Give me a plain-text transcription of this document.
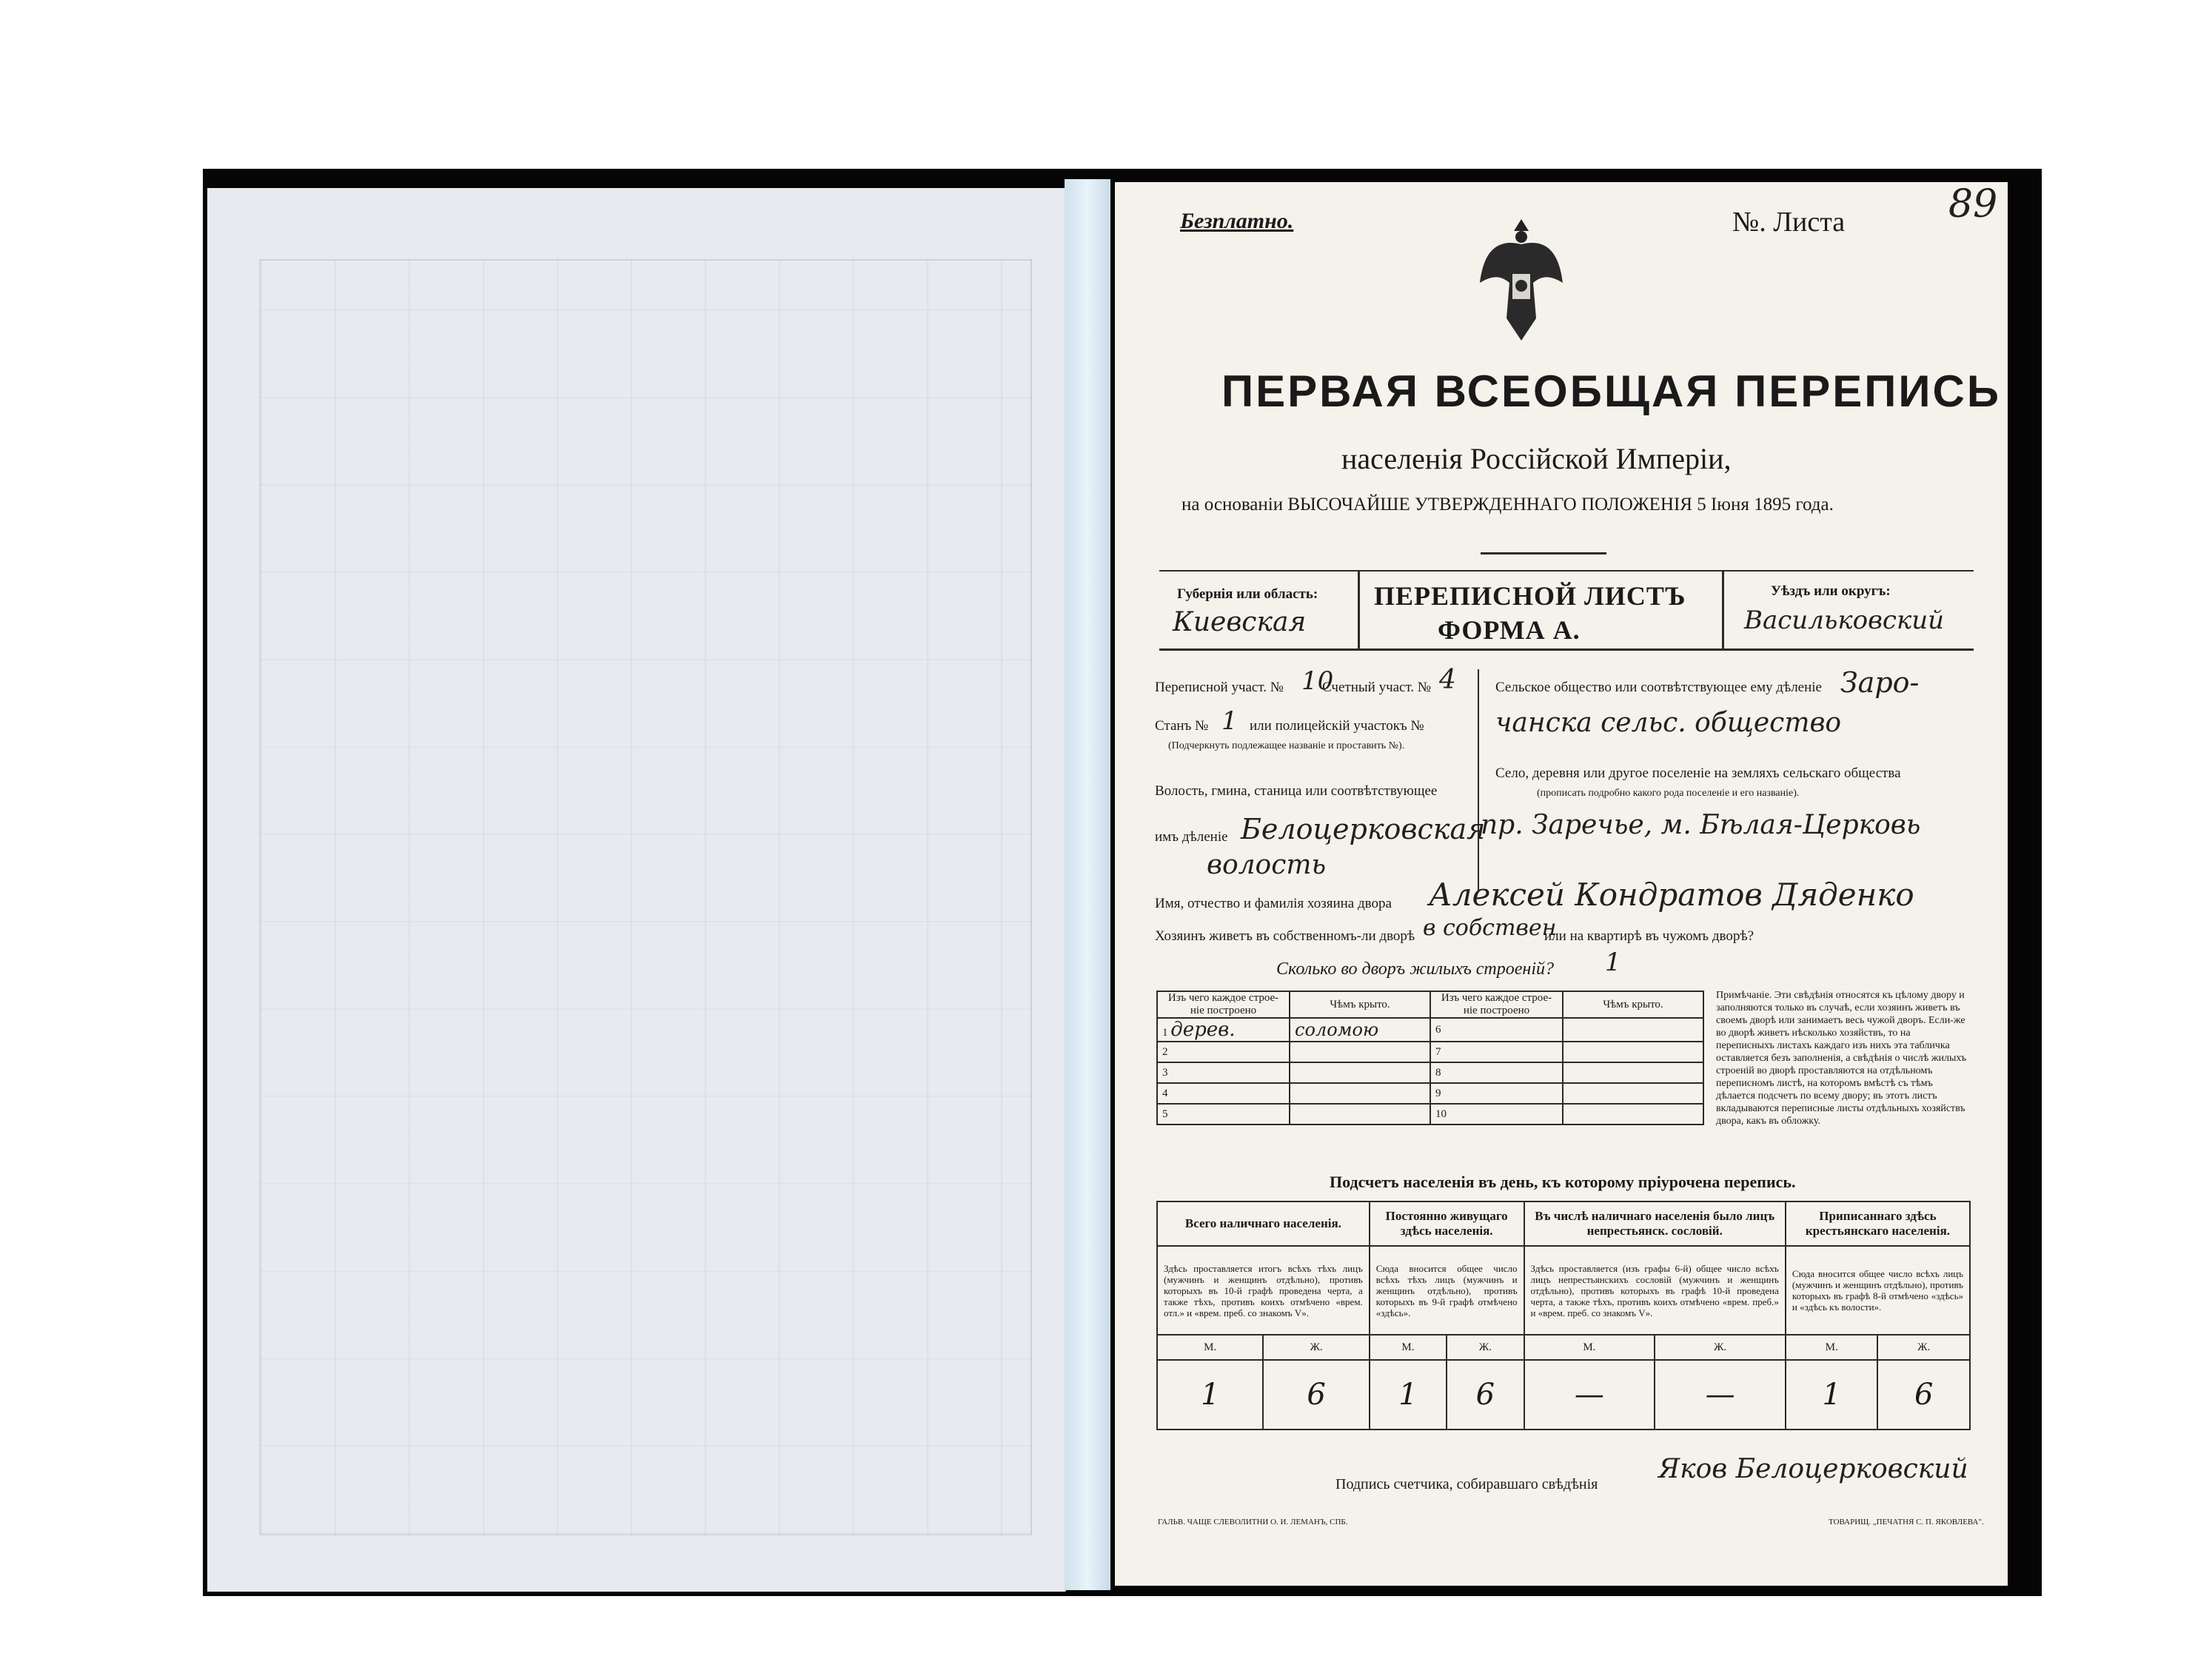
Безплатно.	№. Листа	89
ПЕРВАЯ ВСЕОБЩАЯ ПЕРЕПИСЬ
населенія Россійской Имперіи,
на основаніи ВЫСОЧАЙШЕ УТВЕРЖДЕННАГО ПОЛОЖЕНІЯ 5 Іюня 1895 года.
Губернія или область:
Киевская
ПЕРЕПИСНОЙ ЛИСТЪ
ФОРМА А.
Уѣздъ или округъ:
Васильковский
Переписной участ. № 10
Счетный участ. № 4
Станъ № 1 или полицейскій участокъ №
(Подчеркнуть подлежащее названіе и проставить №).
Волость, гмина, станица или соотвѣтствующее
имъ дѣленіе Белоцерковская
волость
Сельское общество или соотвѣтствующее ему дѣленіе Заро-
чанска сельс. общество
Село, деревня или другое поселеніе на земляхъ сельскаго общества
(прописать подробно какого рода поселеніе и его названіе).
пр. Заречье, м. Бѣлая-Церковь
Имя, отчество и фамилія хозяина двора Алексей Кондратов Дяденко
Хозяинъ живетъ въ собственномъ-ли дворѣ в собствен
или на квартирѣ въ чужомъ дворѣ?
Сколько во дворъ жилыхъ строеній? 1
Изъ чего каждое строе-ніе построено	Чѣмъ крыто.	Изъ чего каждое строе-ніе построено	Чѣмъ крыто.
1 дерев.	соломою	6	
2		7	
3		8	
4		9	
5		10	
Примѣчаніе. Эти свѣдѣнія относятся къ цѣлому двору и заполняются только въ случаѣ, если хозяинъ живетъ въ своемъ дворѣ или занимаетъ весь чужой дворъ. Если-же во дворѣ живетъ нѣсколько хозяйствъ, то на переписныхъ листахъ каждаго изъ нихъ эта табличка оставляется безъ заполненія, а свѣдѣнія о числѣ жилыхъ строеній во дворѣ проставляются на отдѣльномъ переписномъ листѣ, на которомъ вмѣстѣ съ тѣмъ дѣлается подсчетъ по всему двору; въ этотъ листъ вкладываются переписные листы отдѣльныхъ хозяйствъ двора, какъ въ обложку.
Подсчетъ населенія въ день, къ которому пріурочена перепись.
Всего наличнаго населенія.		Постоянно живущаго здѣсь населенія.		Въ числѣ наличнаго населенія было лицъ непрестьянск. сословій.		Приписаннаго здѣсь крестьянскаго населенія.	
Здѣсь проставляется итогъ всѣхъ тѣхъ лицъ (мужчинъ и женщинъ отдѣльно), противъ которыхъ въ 10-й графѣ проведена черта, а также тѣхъ, противъ коихъ отмѣчено «врем. отл.» и «врем. преб. со знакомъ V».		Сюда вносится общее число всѣхъ тѣхъ лицъ (мужчинъ и женщинъ отдѣльно), противъ которыхъ въ 9-й графѣ отмѣчено «здѣсь».		Здѣсь проставляется (изъ графы 6-й) общее число всѣхъ лицъ непрестьянскихъ сословій (мужчинъ и женщинъ отдѣльно), противъ которыхъ въ графѣ 10-й проведена черта, а также тѣхъ, противъ коихъ отмѣчено «врем. преб.» и «врем. преб. со знакомъ V».		Сюда вносится общее число всѣхъ лицъ (мужчинъ и женщинъ отдѣльно), противъ которыхъ въ графѣ 8-й отмѣчено «здѣсь» и «здѣсь къ волости».	
М.	Ж.	М.	Ж.	М.	Ж.	М.	Ж.
1	6	1	6	—	—	1	6
Подпись счетчика, собиравшаго свѣдѣнія Яков Белоцерковский
ГАЛЬВ. ЧАЩЕ СЛЕВОЛИТНИ О. И. ЛЕМАНЪ, СПБ.	ТОВАРИЩ. „ПЕЧАТНЯ С. П. ЯКОВЛЕВА".
